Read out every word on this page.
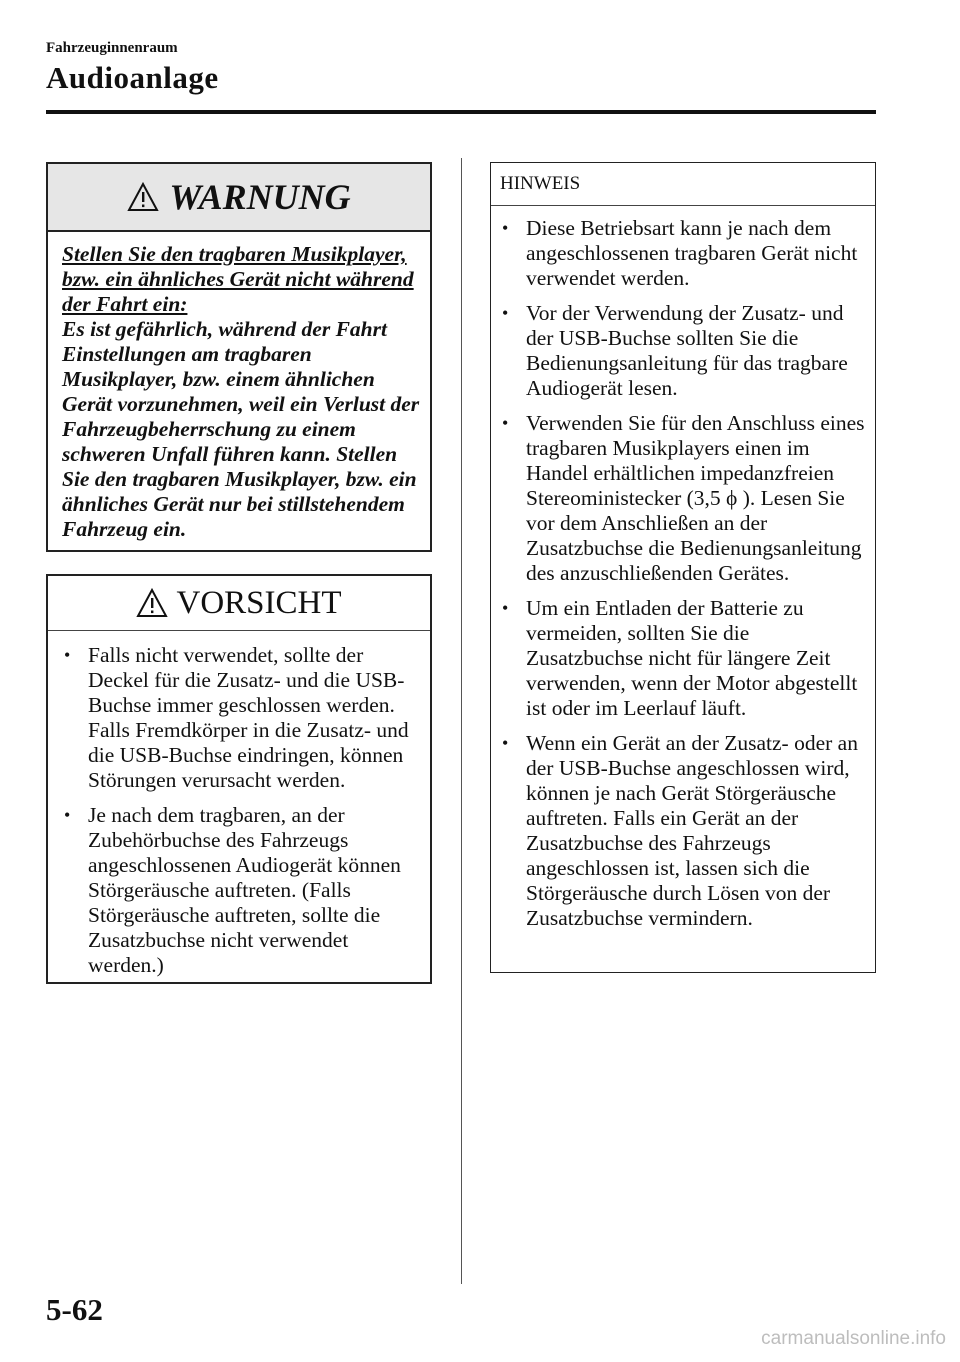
Fahrzeuginnenraum
Audioanlage
WARNUNG
Stellen Sie den tragbaren Musikplayer, bzw. ein ähnliches Gerät nicht während der Fahrt ein:
Es ist gefährlich, während der Fahrt Einstellungen am tragbaren Musikplayer, bzw. einem ähnlichen Gerät vorzunehmen, weil ein Verlust der Fahrzeugbeherrschung zu einem schweren Unfall führen kann. Stellen Sie den tragbaren Musikplayer, bzw. ein ähnliches Gerät nur bei stillstehendem Fahrzeug ein.
VORSICHT
• Falls nicht verwendet, sollte der Deckel für die Zusatz- und die USB-Buchse immer geschlossen werden. Falls Fremdkörper in die Zusatz- und die USB-Buchse eindringen, können Störungen verursacht werden.
• Je nach dem tragbaren, an der Zubehörbuchse des Fahrzeugs angeschlossenen Audiogerät können Störgeräusche auftreten. (Falls Störgeräusche auftreten, sollte die Zusatzbuchse nicht verwendet werden.)
HINWEIS
• Diese Betriebsart kann je nach dem angeschlossenen tragbaren Gerät nicht verwendet werden.
• Vor der Verwendung der Zusatz- und der USB-Buchse sollten Sie die Bedienungsanleitung für das tragbare Audiogerät lesen.
• Verwenden Sie für den Anschluss eines tragbaren Musikplayers einen im Handel erhältlichen impedanzfreien Stereoministecker (3,5 ϕ ). Lesen Sie vor dem Anschließen an der Zusatzbuchse die Bedienungsanleitung des anzuschließenden Gerätes.
• Um ein Entladen der Batterie zu vermeiden, sollten Sie die Zusatzbuchse nicht für längere Zeit verwenden, wenn der Motor abgestellt ist oder im Leerlauf läuft.
• Wenn ein Gerät an der Zusatz- oder an der USB-Buchse angeschlossen wird, können je nach Gerät Störgeräusche auftreten. Falls ein Gerät an der Zusatzbuchse des Fahrzeugs angeschlossen ist, lassen sich die Störgeräusche durch Lösen von der Zusatzbuchse vermindern.
5-62
carmanualsonline.info
